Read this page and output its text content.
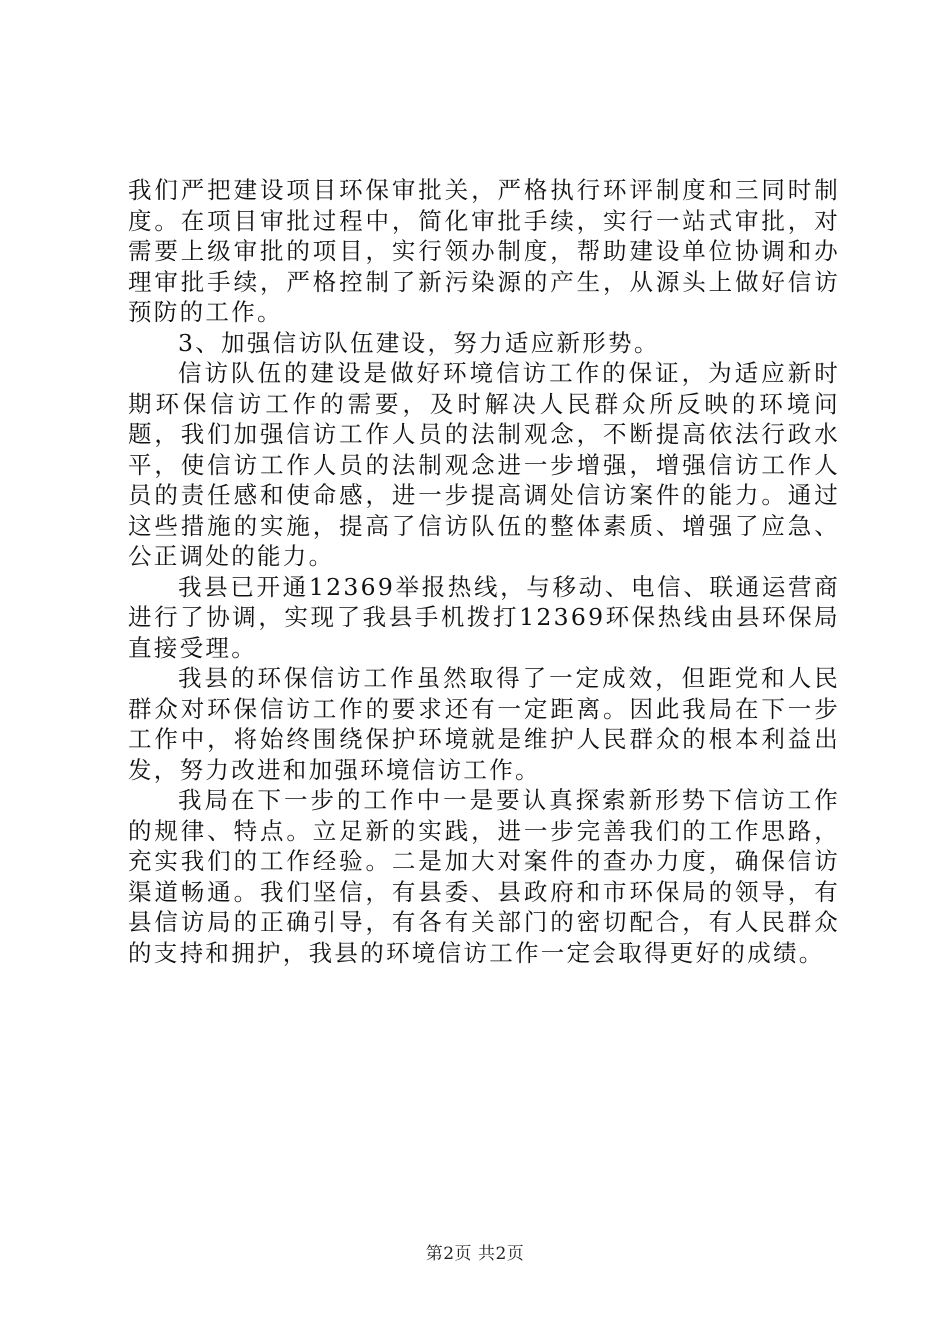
我们严把建设项目环保审批关，严格执行环评制度和三同时制度。在项目审批过程中，简化审批手续，实行一站式审批，对需要上级审批的项目，实行领办制度，帮助建设单位协调和办理审批手续，严格控制了新污染源的产生，从源头上做好信访预防的工作。

3、加强信访队伍建设，努力适应新形势。

信访队伍的建设是做好环境信访工作的保证，为适应新时期环保信访工作的需要，及时解决人民群众所反映的环境问题，我们加强信访工作人员的法制观念，不断提高依法行政水平，使信访工作人员的法制观念进一步增强，增强信访工作人员的责任感和使命感，进一步提高调处信访案件的能力。通过这些措施的实施，提高了信访队伍的整体素质、增强了应急、公正调处的能力。

我县已开通12369举报热线，与移动、电信、联通运营商进行了协调，实现了我县手机拨打12369环保热线由县环保局直接受理。

我县的环保信访工作虽然取得了一定成效，但距党和人民群众对环保信访工作的要求还有一定距离。因此我局在下一步工作中，将始终围绕保护环境就是维护人民群众的根本利益出发，努力改进和加强环境信访工作。

我局在下一步的工作中一是要认真探索新形势下信访工作的规律、特点。立足新的实践，进一步完善我们的工作思路，充实我们的工作经验。二是加大对案件的查办力度，确保信访渠道畅通。我们坚信，有县委、县政府和市环保局的领导，有县信访局的正确引导，有各有关部门的密切配合，有人民群众的支持和拥护，我县的环境信访工作一定会取得更好的成绩。

第2页 共2页
